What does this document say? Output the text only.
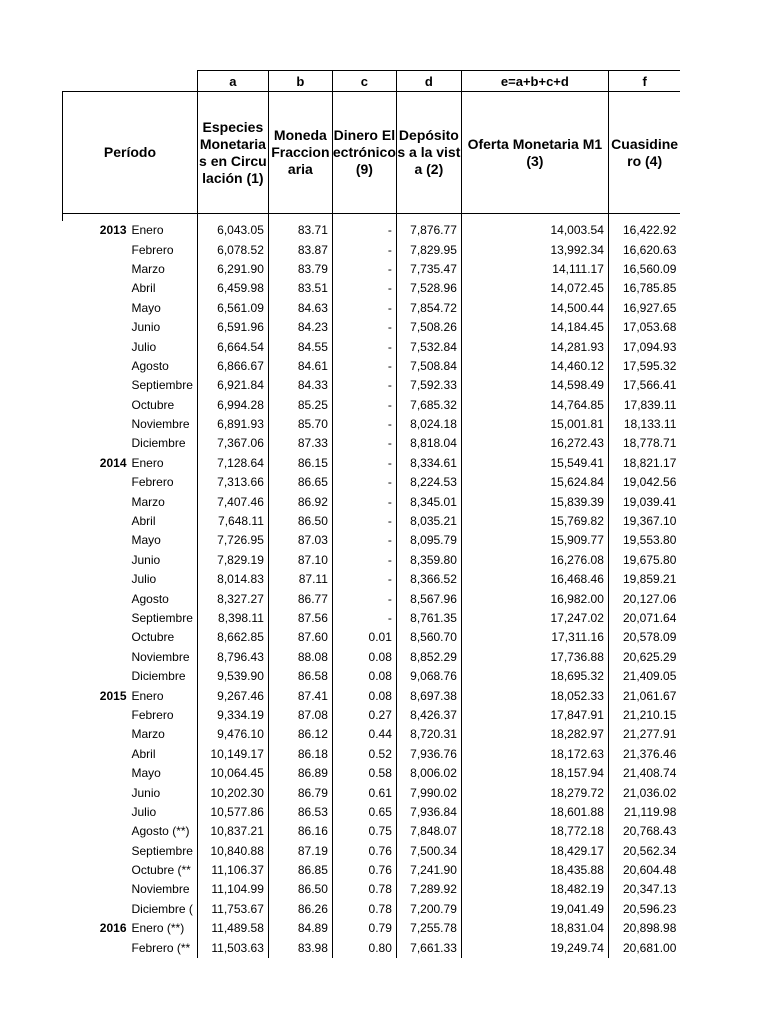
		a	b	c	d	e=a+b+c+d	f
Período		Especies Monetarias en Circulación (1)	Moneda Fraccionaria	Dinero Electrónico (9)	Depósitos a la vista (2)	Oferta Monetaria M1 (3)	Cuasidinero (4)

2013	Enero	6,043.05	83.71	-	7,876.77	14,003.54	16,422.92
	Febrero	6,078.52	83.87	-	7,829.95	13,992.34	16,620.63
	Marzo	6,291.90	83.79	-	7,735.47	14,111.17	16,560.09
	Abril	6,459.98	83.51	-	7,528.96	14,072.45	16,785.85
	Mayo	6,561.09	84.63	-	7,854.72	14,500.44	16,927.65
	Junio	6,591.96	84.23	-	7,508.26	14,184.45	17,053.68
	Julio	6,664.54	84.55	-	7,532.84	14,281.93	17,094.93
	Agosto	6,866.67	84.61	-	7,508.84	14,460.12	17,595.32
	Septiembre	6,921.84	84.33	-	7,592.33	14,598.49	17,566.41
	Octubre	6,994.28	85.25	-	7,685.32	14,764.85	17,839.11
	Noviembre	6,891.93	85.70	-	8,024.18	15,001.81	18,133.11
	Diciembre	7,367.06	87.33	-	8,818.04	16,272.43	18,778.71
2014	Enero	7,128.64	86.15	-	8,334.61	15,549.41	18,821.17
	Febrero	7,313.66	86.65	-	8,224.53	15,624.84	19,042.56
	Marzo	7,407.46	86.92	-	8,345.01	15,839.39	19,039.41
	Abril	7,648.11	86.50	-	8,035.21	15,769.82	19,367.10
	Mayo	7,726.95	87.03	-	8,095.79	15,909.77	19,553.80
	Junio	7,829.19	87.10	-	8,359.80	16,276.08	19,675.80
	Julio	8,014.83	87.11	-	8,366.52	16,468.46	19,859.21
	Agosto	8,327.27	86.77	-	8,567.96	16,982.00	20,127.06
	Septiembre	8,398.11	87.56	-	8,761.35	17,247.02	20,071.64
	Octubre	8,662.85	87.60	0.01	8,560.70	17,311.16	20,578.09
	Noviembre	8,796.43	88.08	0.08	8,852.29	17,736.88	20,625.29
	Diciembre	9,539.90	86.58	0.08	9,068.76	18,695.32	21,409.05
2015	Enero	9,267.46	87.41	0.08	8,697.38	18,052.33	21,061.67
	Febrero	9,334.19	87.08	0.27	8,426.37	17,847.91	21,210.15
	Marzo	9,476.10	86.12	0.44	8,720.31	18,282.97	21,277.91
	Abril	10,149.17	86.18	0.52	7,936.76	18,172.63	21,376.46
	Mayo	10,064.45	86.89	0.58	8,006.02	18,157.94	21,408.74
	Junio	10,202.30	86.79	0.61	7,990.02	18,279.72	21,036.02
	Julio	10,577.86	86.53	0.65	7,936.84	18,601.88	21,119.98
	Agosto (**)	10,837.21	86.16	0.75	7,848.07	18,772.18	20,768.43
	Septiembre	10,840.88	87.19	0.76	7,500.34	18,429.17	20,562.34
	Octubre (**	11,106.37	86.85	0.76	7,241.90	18,435.88	20,604.48
	Noviembre	11,104.99	86.50	0.78	7,289.92	18,482.19	20,347.13
	Diciembre (	11,753.67	86.26	0.78	7,200.79	19,041.49	20,596.23
2016	Enero (**)	11,489.58	84.89	0.79	7,255.78	18,831.04	20,898.98
	Febrero (**	11,503.63	83.98	0.80	7,661.33	19,249.74	20,681.00
